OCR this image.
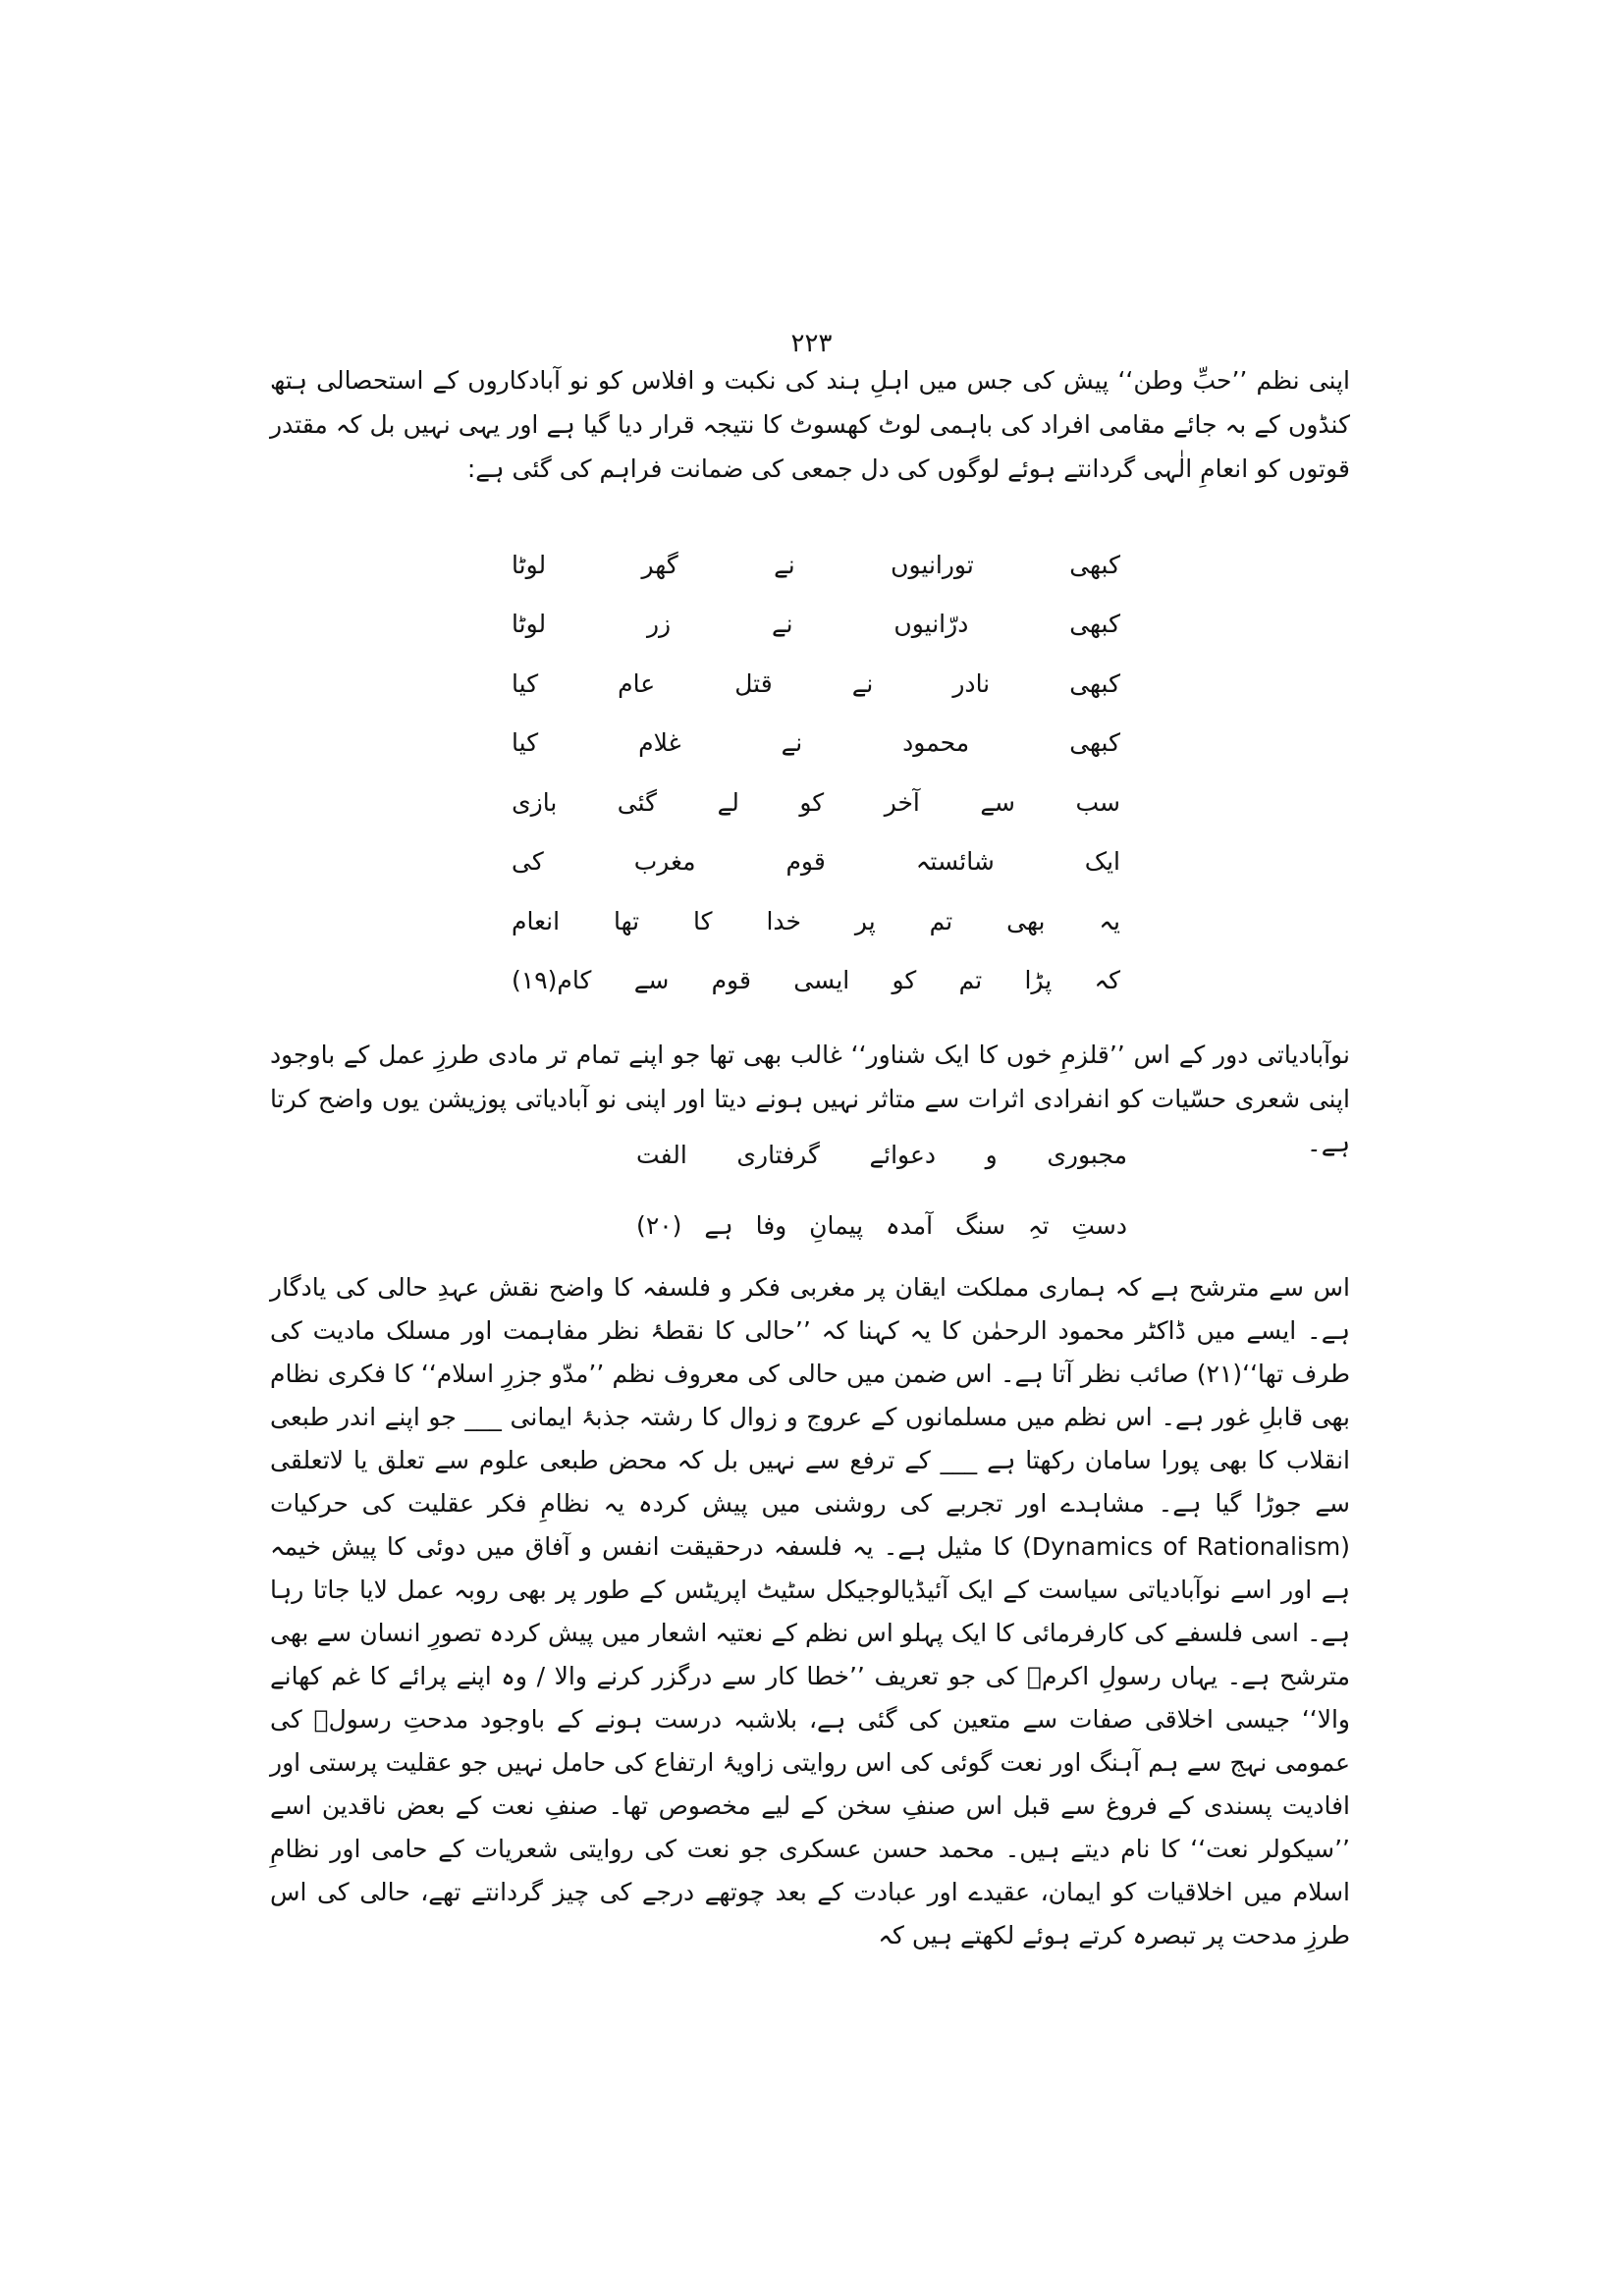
۲۲۳

اپنی نظم ’’حبِّ وطن‘‘ پیش کی جس میں اہلِ ہند کی نکبت و افلاس کو نو آبادکاروں کے استحصالی ہتھ کنڈوں کے بہ جائے مقامی افراد کی باہمی لوٹ کھسوٹ کا نتیجہ قرار دیا گیا ہے اور یہی نہیں بل کہ مقتدر قوتوں کو انعامِ الٰہی گردانتے ہوئے لوگوں کی دل جمعی کی ضمانت فراہم کی گئی ہے:

کبھی
تورانیوں
نے
گھر
لوٹا
کبھی
درّانیوں
نے
زر
لوٹا
کبھی
نادر
نے
قتل
عام
کیا
کبھی
محمود
نے
غلام
کیا
سب
سے
آخر
کو
لے
گئی
بازی
ایک
شائستہ
قوم
مغرب
کی
یہ
بھی
تم
پر
خدا
کا
تھا
انعام
کہ
پڑا
تم
کو
ایسی
قوم
سے
کام(۱۹)

نوآبادیاتی دور کے اس ’’قلزمِ خوں کا ایک شناور‘‘ غالب بھی تھا جو اپنے تمام تر مادی طرزِ عمل کے باوجود اپنی شعری حسّیات کو انفرادی اثرات سے متاثر نہیں ہونے دیتا اور اپنی نو آبادیاتی پوزیشن یوں واضح کرتا ہے۔

مجبوری
و
دعوائے
گرفتاری
الفت
دستِ
تہِ
سنگ
آمدہ
پیمانِ
وفا
ہے
(۲۰)

اس سے مترشح ہے کہ ہماری مملکت ایقان پر مغربی فکر و فلسفہ کا واضح نقش عہدِ حالی کی یادگار ہے۔ ایسے میں ڈاکٹر محمود الرحمٰن کا یہ کہنا کہ ’’حالی کا نقطۂ نظر مفاہمت اور مسلک مادیت کی طرف تھا‘‘(۲۱) صائب نظر آتا ہے۔ اس ضمن میں حالی کی معروف نظم ’’مدّو جزرِ اسلام‘‘ کا فکری نظام بھی قابلِ غور ہے۔ اس نظم میں مسلمانوں کے عروج و زوال کا رشتہ جذبۂ ایمانی ___ جو اپنے اندر طبعی انقلاب کا بھی پورا سامان رکھتا ہے ___ کے ترفع سے نہیں بل کہ محض طبعی علوم سے تعلق یا لاتعلقی سے جوڑا گیا ہے۔ مشاہدے اور تجربے کی روشنی میں پیش کردہ یہ نظامِ فکر عقلیت کی حرکیات (Dynamics of Rationalism) کا مثیل ہے۔ یہ فلسفہ درحقیقت انفس و آفاق میں دوئی کا پیش خیمہ ہے اور اسے نوآبادیاتی سیاست کے ایک آئیڈیالوجیکل سٹیٹ اپریٹس کے طور پر بھی روبہ عمل لایا جاتا رہا ہے۔ اسی فلسفے کی کارفرمائی کا ایک پہلو اس نظم کے نعتیہ اشعار میں پیش کردہ تصورِ انسان سے بھی مترشح ہے۔ یہاں رسولِ اکرمؐ کی جو تعریف ’’خطا کار سے درگزر کرنے والا / وہ اپنے پرائے کا غم کھانے والا‘‘ جیسی اخلاقی صفات سے متعین کی گئی ہے، بلاشبہ درست ہونے کے باوجود مدحتِ رسولؐ کی عمومی نہج سے ہم آہنگ اور نعت گوئی کی اس روایتی زاویۂ ارتفاع کی حامل نہیں جو عقلیت پرستی اور افادیت پسندی کے فروغ سے قبل اس صنفِ سخن کے لیے مخصوص تھا۔ صنفِ نعت کے بعض ناقدین اسے ’’سیکولر نعت‘‘ کا نام دیتے ہیں۔ محمد حسن عسکری جو نعت کی روایتی شعریات کے حامی اور نظامِ اسلام میں اخلاقیات کو ایمان، عقیدے اور عبادت کے بعد چوتھے درجے کی چیز گردانتے تھے، حالی کی اس طرزِ مدحت پر تبصرہ کرتے ہوئے لکھتے ہیں کہ
